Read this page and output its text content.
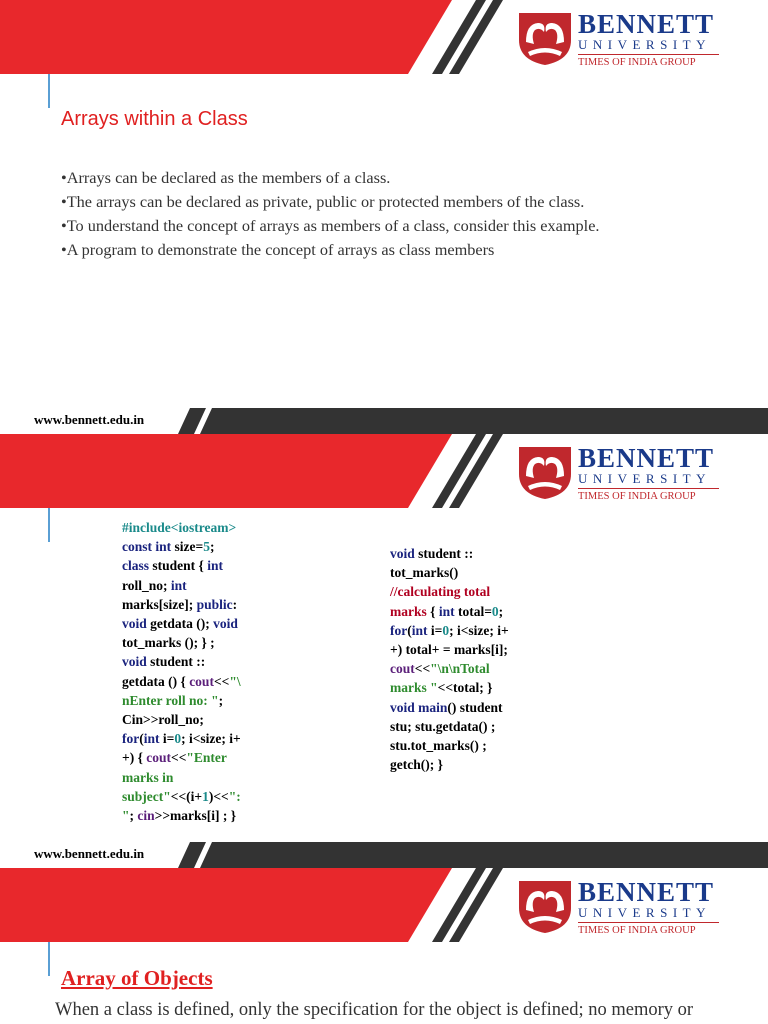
BENNETT
UNIVERSITY
TIMES OF INDIA GROUP
Arrays within a Class
•Arrays can be declared as the members of a class.
•The arrays can be declared as private, public or protected members of the class.
•To understand the concept of arrays as members of a class, consider this example.
•A program to demonstrate the concept of arrays as class members
www.bennett.edu.in
BENNETT
UNIVERSITY
TIMES OF INDIA GROUP
#include<iostream>
const int size=5;
class student { int
roll_no; int
marks[size]; public:
void getdata (); void
tot_marks (); } ;
void student ::
getdata () { cout<<"\
nEnter roll no: ";
Cin>>roll_no;
for(int i=0; i<size; i+
+) { cout<<"Enter
marks in
subject"<<(i+1)<<":
"; cin>>marks[i] ; }
void student ::
tot_marks()
//calculating total
marks { int total=0;
for(int i=0; i<size; i+
+) total+ = marks[i];
cout<<"\n\nTotal
marks "<<total; }
void main() student
stu; stu.getdata() ;
stu.tot_marks() ;
getch(); }
www.bennett.edu.in
BENNETT
UNIVERSITY
TIMES OF INDIA GROUP
Array of Objects
When a class is defined, only the specification for the object is defined; no memory or
